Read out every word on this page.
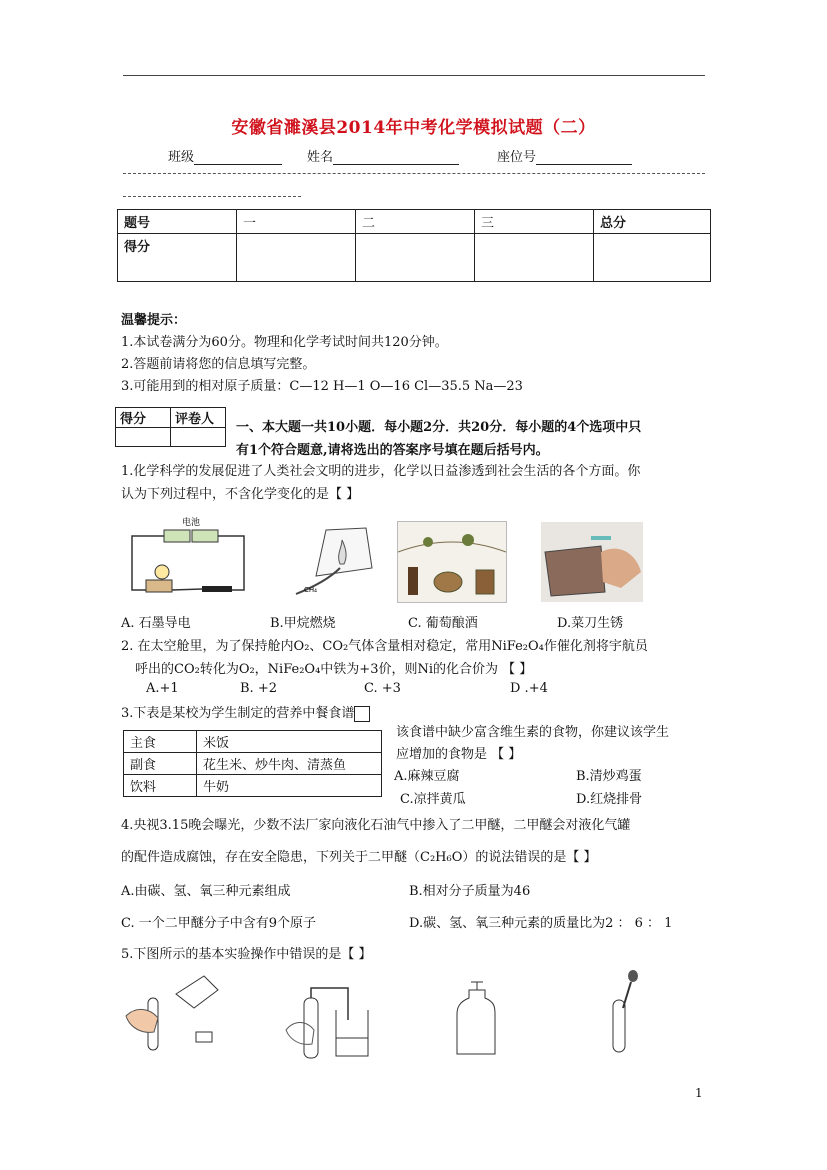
安徽省濉溪县2014年中考化学模拟试题（二）
班级	姓名	座位号
题号	一	二	三	总分
得分				
温馨提示：
1.本试卷满分为60分。物理和化学考试时间共120分钟。
2.答题前请将您的信息填写完整。
3.可能用到的相对原子质量：C—12 H—1 O—16 Cl—35.5 Na—23
得分	评卷人

一、本大题一共10小题．每小题2分．共20分．每小题的4个选项中只
有1个符合题意,请将选出的答案序号填在题后括号内。
1.化学科学的发展促进了人类社会文明的进步，化学以日益渗透到社会生活的各个方面。你
认为下列过程中，不含化学变化的是【 】
电池
CH₄
A. 石墨导电	B.甲烷燃烧	C. 葡萄酿酒	D.菜刀生锈
2. 在太空舱里，为了保持舱内O₂、CO₂气体含量相对稳定，常用NiFe₂O₄作催化剂将宇航员
呼出的CO₂转化为O₂，NiFe₂O₄中铁为+3价，则Ni的化合价为 【 】
A.+1	B. +2	C. +3	D .+4
3.下表是某校为学生制定的营养中餐食谱
主食	米饭
副食	花生米、炒牛肉、清蒸鱼
饮料	牛奶
该食谱中缺少富含维生素的食物，你建议该学生
应增加的食物是 【 】
A.麻辣豆腐	B.清炒鸡蛋
C.凉拌黄瓜	D.红烧排骨
4.央视3.15晚会曝光，少数不法厂家向液化石油气中掺入了二甲醚，二甲醚会对液化气罐
的配件造成腐蚀，存在安全隐患，下列关于二甲醚（C₂H₆O）的说法错误的是【 】
A.由碳、氢、氧三种元素组成	B.相对分子质量为46
C. 一个二甲醚分子中含有9个原子	D.碳、氢、氧三种元素的质量比为2 ： 6 ： 1
5.下图所示的基本实验操作中错误的是【 】
1
